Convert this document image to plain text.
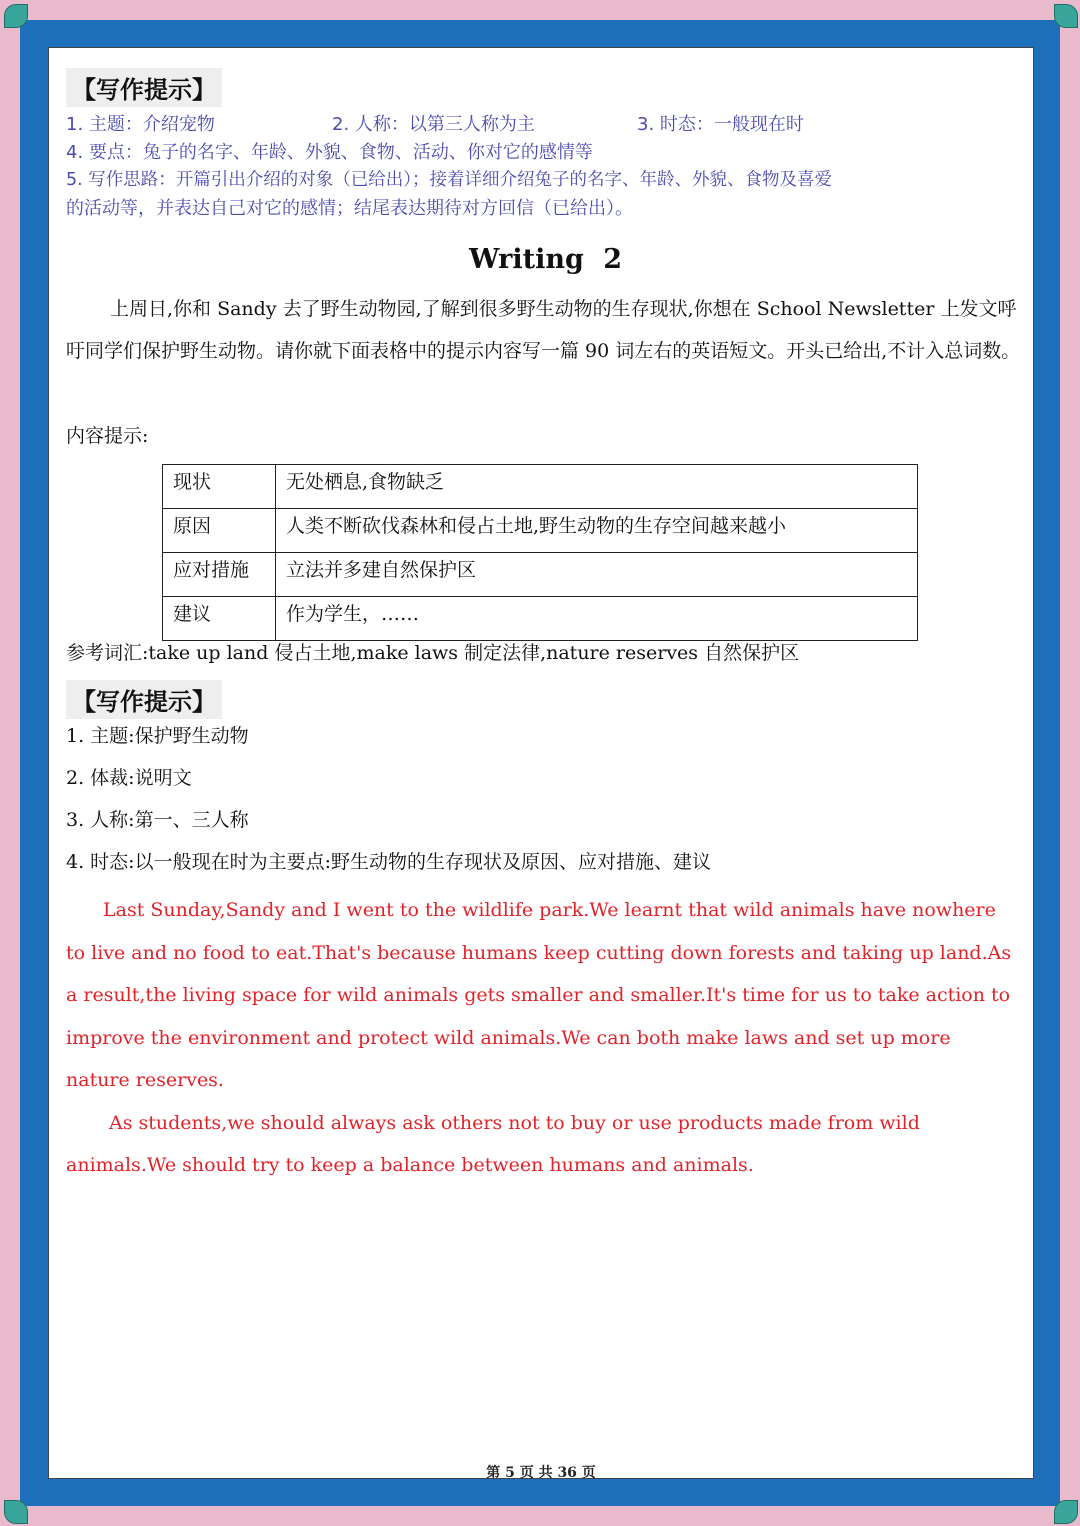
【写作提示】
1. 主题：介绍宠物	2. 人称：以第三人称为主	3. 时态：一般现在时
4. 要点：兔子的名字、年龄、外貌、食物、活动、你对它的感情等
5. 写作思路：开篇引出介绍的对象（已给出）；接着详细介绍兔子的名字、年龄、外貌、食物及喜爱
的活动等，并表达自己对它的感情；结尾表达期待对方回信（已给出）。
Writing 2
上周日,你和 Sandy 去了野生动物园,了解到很多野生动物的生存现状,你想在 School Newsletter 上发文呼吁同学们保护野生动物。请你就下面表格中的提示内容写一篇 90 词左右的英语短文。开头已给出,不计入总词数。
内容提示:
现状	无处栖息,食物缺乏
原因	人类不断砍伐森林和侵占土地,野生动物的生存空间越来越小
应对措施	立法并多建自然保护区
建议	作为学生，……
参考词汇:take up land 侵占土地,make laws 制定法律,nature reserves 自然保护区
【写作提示】
1. 主题:保护野生动物
2. 体裁:说明文
3. 人称:第一、三人称
4. 时态:以一般现在时为主要点:野生动物的生存现状及原因、应对措施、建议

Last Sunday,Sandy and I went to the wildlife park.We learnt that wild animals have nowhere to live and no food to eat.That's because humans keep cutting down forests and taking up land.As a result,the living space for wild animals gets smaller and smaller.It's time for us to take action to improve the environment and protect wild animals.We can both make laws and set up more nature reserves.

As students,we should always ask others not to buy or use products made from wild animals.We should try to keep a balance between humans and animals.

第 5 页 共 36 页
